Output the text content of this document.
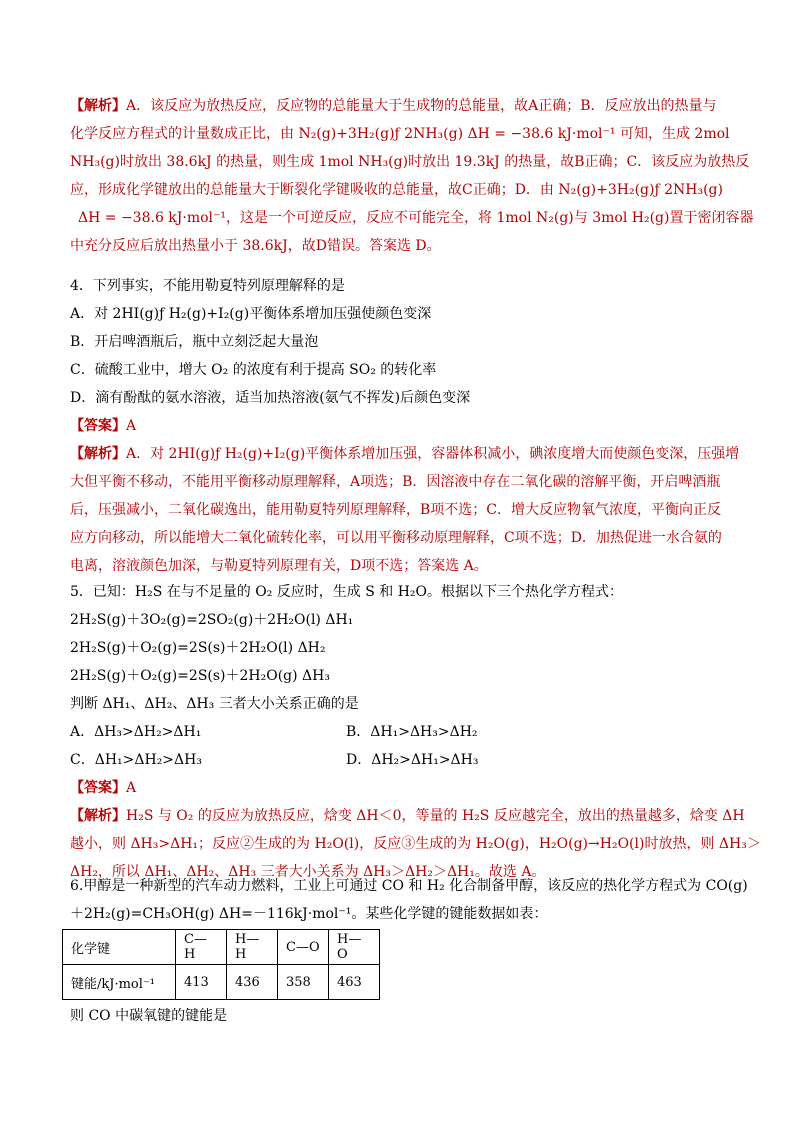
【解析】A．该反应为放热反应，反应物的总能量大于生成物的总能量，故A正确；B．反应放出的热量与
化学反应方程式的计量数成正比，由 N₂(g)+3H₂(g)ƒ 2NH₃(g) ΔH = −38.6 kJ·mol⁻¹ 可知，生成 2mol
NH₃(g)时放出 38.6kJ 的热量，则生成 1mol NH₃(g)时放出 19.3kJ 的热量，故B正确；C．该反应为放热反
应，形成化学键放出的总能量大于断裂化学键吸收的总能量，故C正确；D．由 N₂(g)+3H₂(g)ƒ 2NH₃(g)
ΔH = −38.6 kJ·mol⁻¹，这是一个可逆反应，反应不可能完全，将 1mol N₂(g)与 3mol H₂(g)置于密闭容器
中充分反应后放出热量小于 38.6kJ，故D错误。答案选 D。
4．下列事实，不能用勒夏特列原理解释的是
A．对 2HI(g)ƒ H₂(g)+I₂(g)平衡体系增加压强使颜色变深
B．开启啤酒瓶后，瓶中立刻泛起大量泡
C．硫酸工业中，增大 O₂ 的浓度有利于提高 SO₂ 的转化率
D．滴有酚酞的氨水溶液，适当加热溶液(氨气不挥发)后颜色变深
【答案】A
【解析】A．对 2HI(g)ƒ H₂(g)+I₂(g)平衡体系增加压强，容器体积减小，碘浓度增大而使颜色变深，压强增
大但平衡不移动，不能用平衡移动原理解释，A项选；B．因溶液中存在二氧化碳的溶解平衡，开启啤酒瓶
后，压强减小，二氧化碳逸出，能用勒夏特列原理解释，B项不选；C．增大反应物氧气浓度，平衡向正反
应方向移动，所以能增大二氧化硫转化率，可以用平衡移动原理解释，C项不选；D．加热促进一水合氨的
电离，溶液颜色加深，与勒夏特列原理有关，D项不选；答案选 A。
5．已知：H₂S 在与不足量的 O₂ 反应时，生成 S 和 H₂O。根据以下三个热化学方程式：
2H₂S(g)＋3O₂(g)=2SO₂(g)＋2H₂O(l) ΔH₁
2H₂S(g)＋O₂(g)=2S(s)＋2H₂O(l) ΔH₂
2H₂S(g)＋O₂(g)=2S(s)＋2H₂O(g) ΔH₃
判断 ΔH₁、ΔH₂、ΔH₃ 三者大小关系正确的是
A．ΔH₃>ΔH₂>ΔH₁	B．ΔH₁>ΔH₃>ΔH₂
C．ΔH₁>ΔH₂>ΔH₃	D．ΔH₂>ΔH₁>ΔH₃
【答案】A
【解析】H₂S 与 O₂ 的反应为放热反应，焓变 ΔH＜0，等量的 H₂S 反应越完全，放出的热量越多，焓变 ΔH
越小，则 ΔH₃>ΔH₁；反应②生成的为 H₂O(l)，反应③生成的为 H₂O(g)，H₂O(g)→H₂O(l)时放热，则 ΔH₃＞
ΔH₂，所以 ΔH₁、ΔH₂、ΔH₃ 三者大小关系为 ΔH₃＞ΔH₂＞ΔH₁。故选 A。
6.甲醇是一种新型的汽车动力燃料，工业上可通过 CO 和 H₂ 化合制备甲醇，该反应的热化学方程式为 CO(g)
＋2H₂(g)=CH₃OH(g) ΔH=－116kJ·mol⁻¹。某些化学键的键能数据如表：
化学键	C—H	H—H	C—O	H—O
键能/kJ·mol⁻¹	413	436	358	463
则 CO 中碳氧键的键能是
